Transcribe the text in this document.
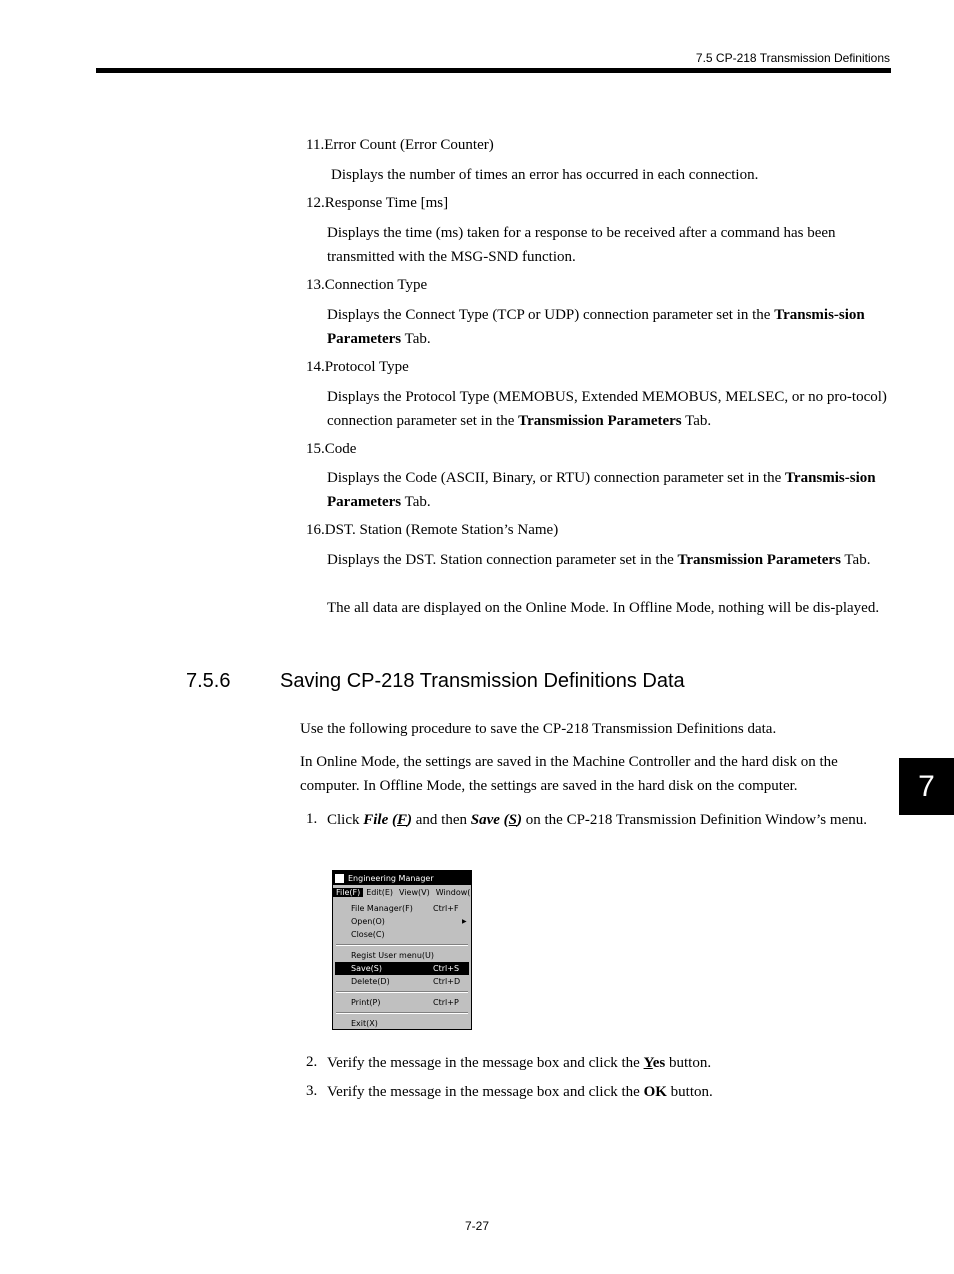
7.5 CP-218 Transmission Definitions
11.Error Count (Error Counter)
Displays the number of times an error has occurred in each connection.
12.Response Time [ms]
Displays the time (ms) taken for a response to be received after a command has been transmitted with the MSG-SND function.
13.Connection Type
Displays the Connect Type (TCP or UDP) connection parameter set in the Transmis-sion Parameters Tab.
14.Protocol Type
Displays the Protocol Type (MEMOBUS, Extended MEMOBUS, MELSEC, or no pro-tocol) connection parameter set in the Transmission Parameters Tab.
15.Code
Displays the Code (ASCII, Binary, or RTU) connection parameter set in the Transmis-sion Parameters Tab.
16.DST. Station (Remote Station’s Name)
Displays the DST. Station connection parameter set in the Transmission Parameters Tab.
The all data are displayed on the Online Mode. In Offline Mode, nothing will be dis-played.
7.5.6 Saving CP-218 Transmission Definitions Data
Use the following procedure to save the CP-218 Transmission Definitions data.
In Online Mode, the settings are saved in the Machine Controller and the hard disk on the computer. In Offline Mode, the settings are saved in the hard disk on the computer.
1. Click File (F) and then Save (S) on the CP-218 Transmission Definition Window’s menu.
Engineering Manager
File(F) Edit(E) View(V) Window(
File Manager(F)	Ctrl+F
Open(O)	▶
Close(C)
Regist User menu(U)
Save(S)	Ctrl+S
Delete(D)	Ctrl+D
Print(P)	Ctrl+P
Exit(X)
2. Verify the message in the message box and click the Yes button.
3. Verify the message in the message box and click the OK button.
7
7-27
